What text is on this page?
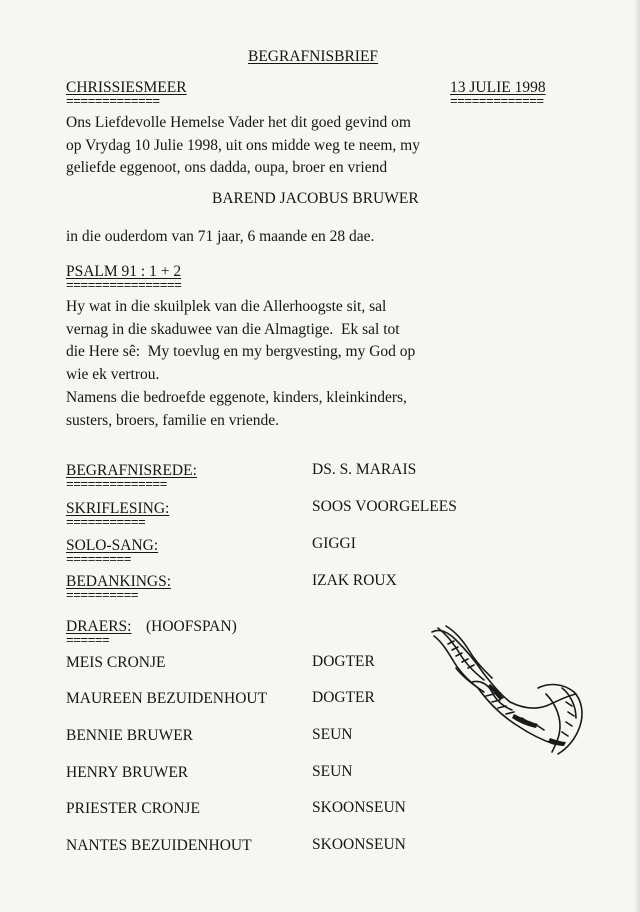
BEGRAFNISBRIEF
CHRISSIESMEER
=============
13 JULIE 1998
=============
Ons Liefdevolle Hemelse Vader het dit goed gevind om
op Vrydag 10 Julie 1998, uit ons midde weg te neem, my
geliefde eggenoot, ons dadda, oupa, broer en vriend
BAREND JACOBUS BRUWER
in die ouderdom van 71 jaar, 6 maande en 28 dae.
PSALM 91 : 1 + 2
================
Hy wat in die skuilplek van die Allerhoogste sit, sal
vernag in die skaduwee van die Almagtige.  Ek sal tot
die Here sê:  My toevlug en my bergvesting, my God op
wie ek vertrou.
Namens die bedroefde eggenote, kinders, kleinkinders,
susters, broers, familie en vriende.
BEGRAFNISREDE:
==============
DS. S. MARAIS
SKRIFLESING:
===========
SOOS VOORGELEES
SOLO-SANG:
=========
GIGGI
BEDANKINGS:
==========
IZAK ROUX
DRAERS: (HOOFSPAN)
======
MEIS CRONJE	DOGTER
MAUREEN BEZUIDENHOUT	DOGTER
BENNIE BRUWER	SEUN
HENRY BRUWER	SEUN
PRIESTER CRONJE	SKOONSEUN
NANTES BEZUIDENHOUT	SKOONSEUN
